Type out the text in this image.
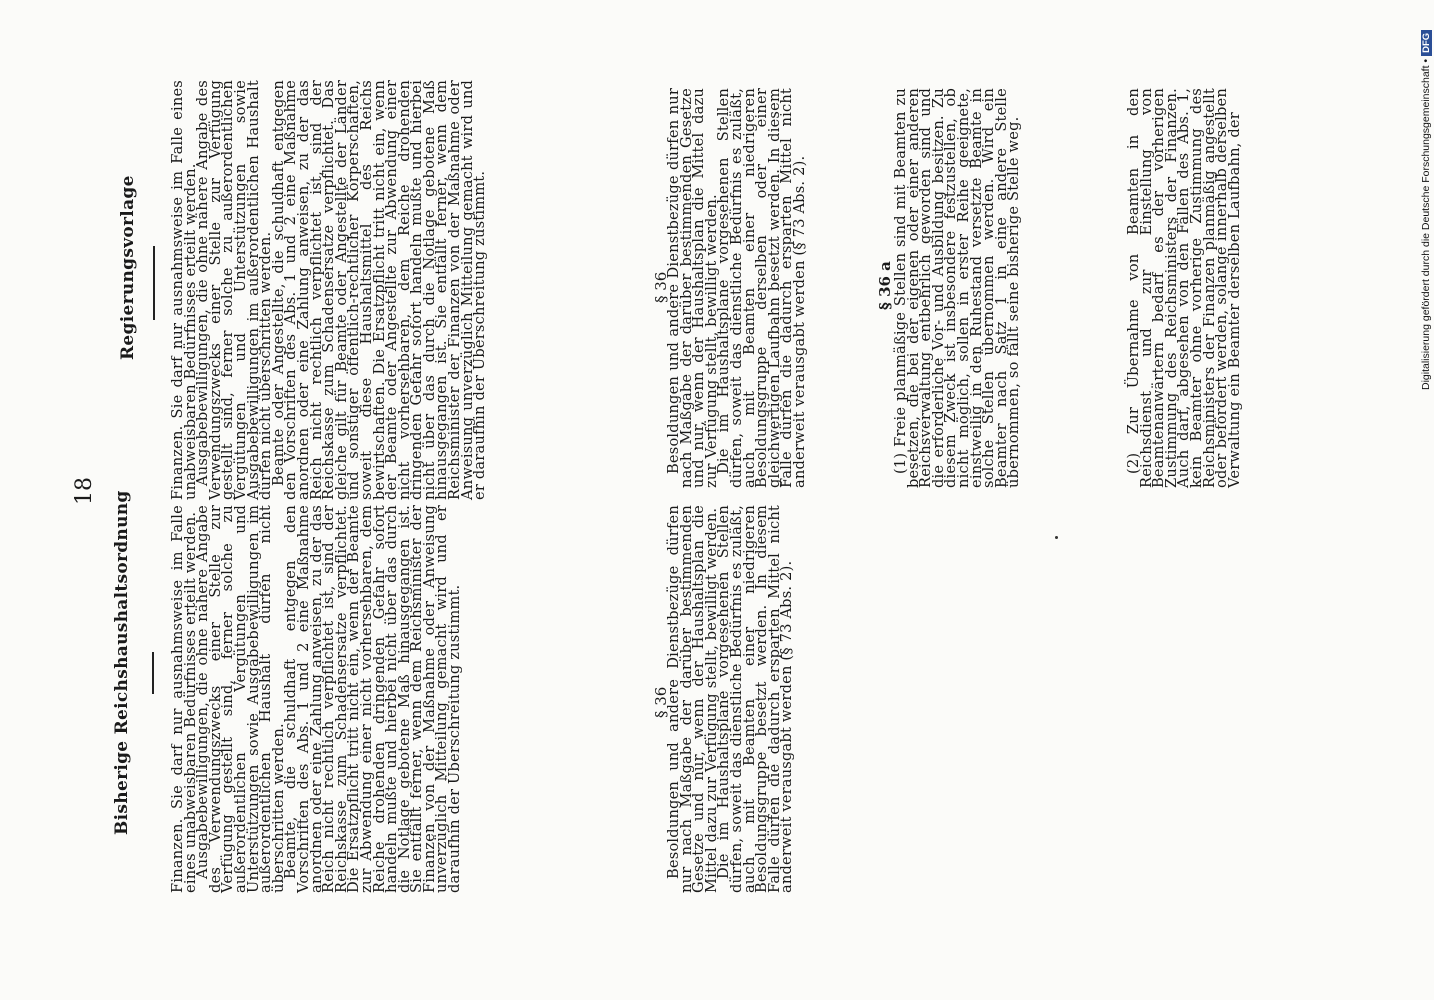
18 Bisherige Reichshaushaltsordnung
Regierungsvorlage

Finanzen. Sie darf nur ausnahmsweise im Falle eines unabweisbaren Bedürfnisses erteilt werden.

Ausgabebewilligungen, die ohne nähere Angabe des Verwendungszwecks einer Stelle zur Verfügung gestellt sind, ferner solche zu außerordentlichen Vergütungen und Unterstützungen sowie Ausgabebewilligungen im außerordentlichen Haushalt dürfen nicht überschritten werden.

Beamte, die schuldhaft entgegen den Vorschriften des Abs. 1 und 2 eine Maßnahme anordnen oder eine Zahlung anweisen, zu der das Reich nicht rechtlich verpflichtet ist, sind der Reichskasse zum Schadensersatze verpflichtet. Die Ersatzpflicht tritt nicht ein, wenn der Beamte zur Abwendung einer nicht vorhersehbaren, dem Reiche drohenden dringenden Gefahr sofort handeln mußte und hierbei nicht über das durch die Notlage gebotene Maß hinausgegangen ist. Sie entfällt ferner, wenn dem Reichsminister der Finanzen von der Maßnahme oder Anweisung unverzüglich Mitteilung gemacht wird und er daraufhin der Überschreitung zustimmt.	§ 36

Besoldungen und andere Dienstbezüge dürfen nur nach Maßgabe der darüber bestimmenden Gesetze und nur, wenn der Haushaltsplan die Mittel dazu zur Verfügung stellt, bewilligt werden.

Die im Haushaltsplane vorgesehenen Stellen dürfen, soweit das dienstliche Bedürfnis es zuläßt, auch mit Beamten einer niedrigeren Besoldungsgruppe besetzt werden. In diesem Falle dürfen die dadurch ersparten Mittel nicht anderweit verausgabt werden (§ 73 Abs. 2).

Finanzen. Sie darf nur ausnahmsweise im Falle eines unabweisbaren Bedürfnisses erteilt werden.

Ausgabebewilligungen, die ohne nähere Angabe des Verwendungszwecks einer Stelle zur Verfügung gestellt sind, ferner solche zu außerordentlichen Vergütungen und Unterstützungen sowie Ausgabebewilligungen im außerordentlichen Haushalt dürfen nicht überschritten werden.

Beamte oder Angestellte, die schuldhaft entgegen den Vorschriften des Abs. 1 und 2 eine Maßnahme anordnen oder eine Zahlung anweisen, zu der das Reich nicht rechtlich verpflichtet ist, sind der Reichskasse zum Schadensersatze verpflichtet. Das gleiche gilt für Beamte oder Angestellte der Länder und sonstiger öffentlich-rechtlicher Körperschaften, soweit diese Haushaltsmittel des Reichs bewirtschaften. Die Ersatzpflicht tritt nicht ein, wenn der Beamte oder Angestellte zur Abwendung einer nicht vorhersehbaren, dem Reiche drohenden dringenden Gefahr sofort handeln mußte und hierbei nicht über das durch die Notlage gebotene Maß hinausgegangen ist. Sie entfällt ferner, wenn dem Reichsminister der Finanzen von der Maßnahme oder Anweisung unverzüglich Mitteilung gemacht wird und er daraufhin der Überschreitung zustimmt.	§ 36

Besoldungen und andere Dienstbezüge dürfen nur nach Maßgabe der darüber bestimmenden Gesetze und nur, wenn der Haushaltsplan die Mittel dazu zur Verfügung stellt, bewilligt werden.

Die im Haushaltsplane vorgesehenen Stellen dürfen, soweit das dienstliche Bedürfnis es zuläßt, auch mit Beamten einer niedrigeren Besoldungsgruppe derselben oder einer gleichwertigen Laufbahn besetzt werden. In diesem Falle dürfen die dadurch ersparten Mittel nicht anderweit verausgabt werden (§ 73 Abs. 2).	§ 36 a

(1) Freie planmäßige Stellen sind mit Beamten zu besetzen, die bei der eigenen oder einer anderen Reichsverwaltung entbehrlich geworden sind und die erforderliche Vor- und Ausbildung besitzen. Zu diesem Zweck ist insbesondere festzustellen, ob nicht möglich, sollen in erster Reihe geeignete, einstweilig in den Ruhestand versetzte Beamte in solche Stellen übernommen werden. Wird ein Beamter nach Satz 1 in eine andere Stelle übernommen, so fällt seine bisherige Stelle weg.	(2) Zur Übernahme von Beamten in den Reichsdienst und zur Einstellung von Beamtenanwärtern bedarf es der vorherigen Zustimmung des Reichsministers der Finanzen. Auch darf, abgesehen von den Fällen des Abs. 1, kein Beamter ohne vorherige Zustimmung des Reichsministers der Finanzen planmäßig angestellt oder befördert werden, solange innerhalb derselben Verwaltung ein Beamter derselben Laufbahn, der	Digitalisierung gefördert durch die Deutsche Forschungsgemeinschaft •DFG
